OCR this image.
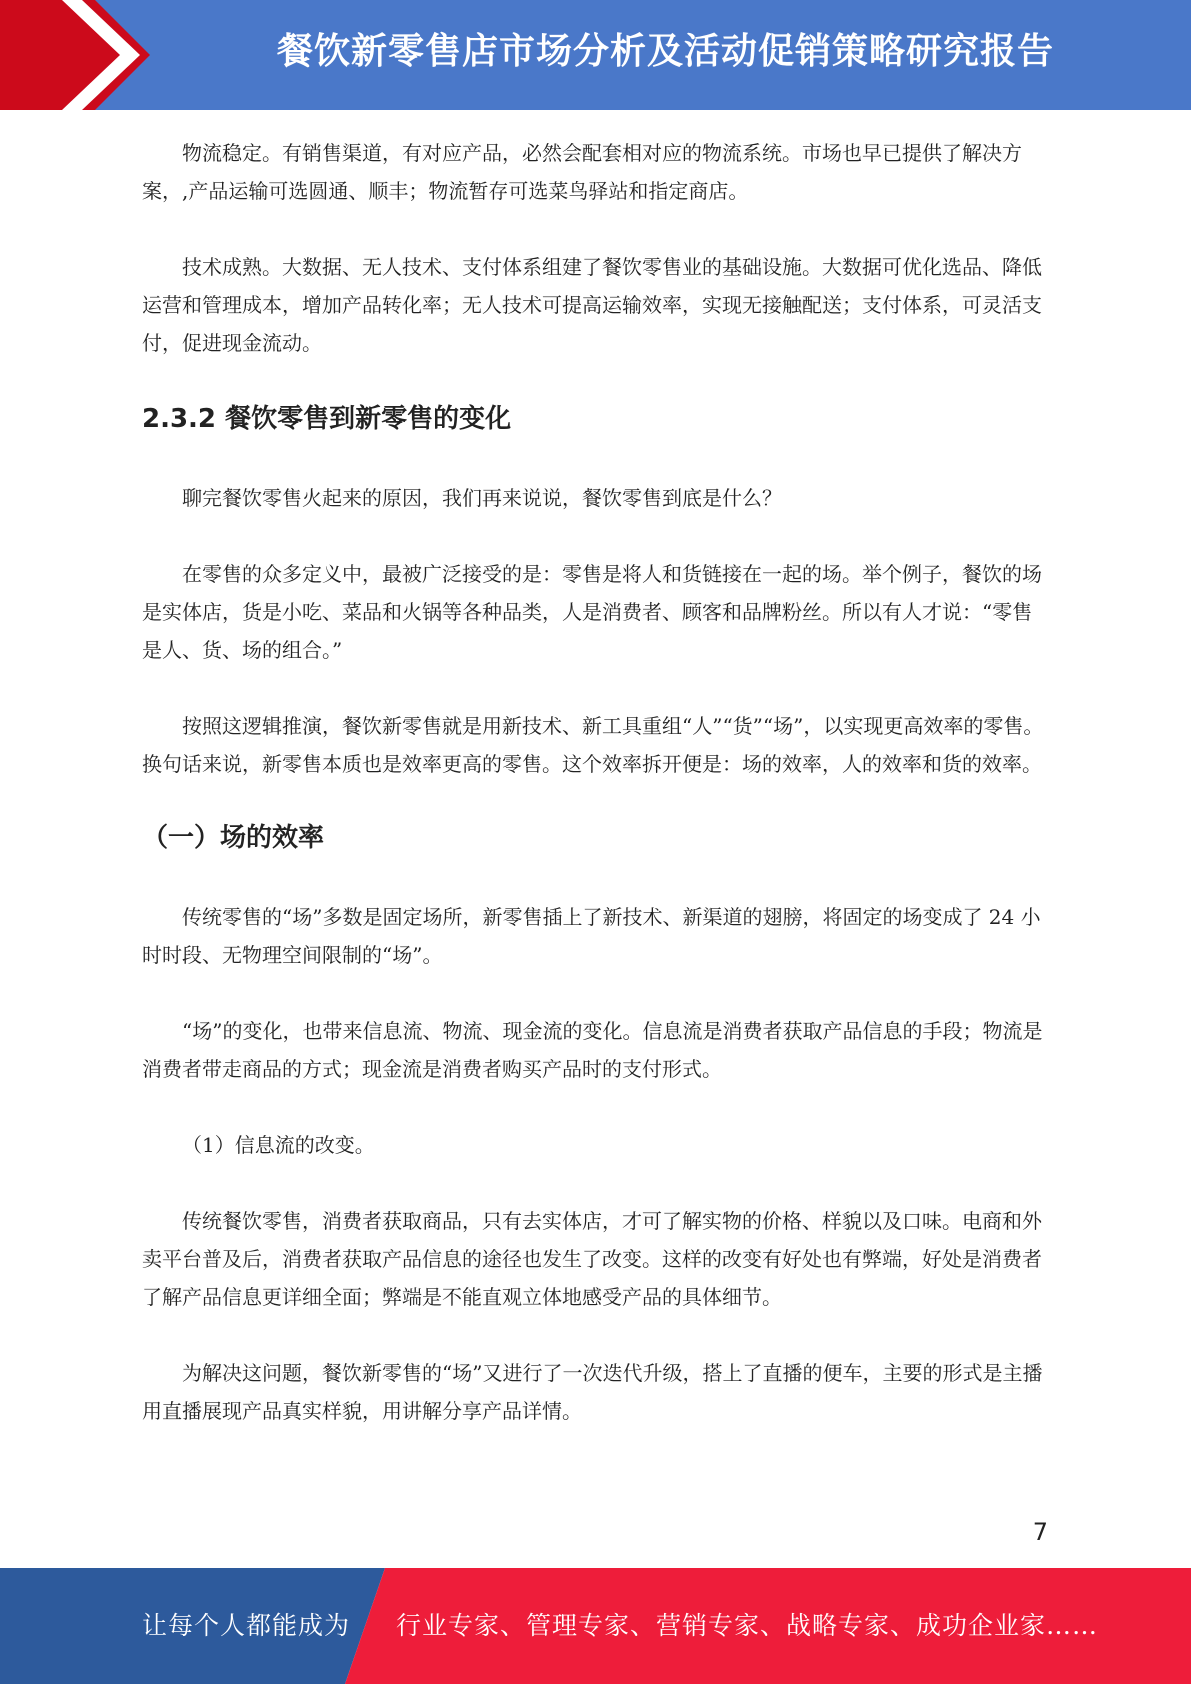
餐饮新零售店市场分析及活动促销策略研究报告

物流稳定。有销售渠道，有对应产品，必然会配套相对应的物流系统。市场也早已提供了解决方案，,产品运输可选圆通、顺丰；物流暂存可选菜鸟驿站和指定商店。

技术成熟。大数据、无人技术、支付体系组建了餐饮零售业的基础设施。大数据可优化选品、降低运营和管理成本，增加产品转化率；无人技术可提高运输效率，实现无接触配送；支付体系，可灵活支付，促进现金流动。

2.3.2 餐饮零售到新零售的变化

聊完餐饮零售火起来的原因，我们再来说说，餐饮零售到底是什么？

在零售的众多定义中，最被广泛接受的是：零售是将人和货链接在一起的场。举个例子，餐饮的场是实体店，货是小吃、菜品和火锅等各种品类，人是消费者、顾客和品牌粉丝。所以有人才说：“零售是人、货、场的组合。”

按照这逻辑推演，餐饮新零售就是用新技术、新工具重组“人”“货”“场”，以实现更高效率的零售。换句话来说，新零售本质也是效率更高的零售。这个效率拆开便是：场的效率，人的效率和货的效率。

（一）场的效率

传统零售的“场”多数是固定场所，新零售插上了新技术、新渠道的翅膀，将固定的场变成了 24 小时时段、无物理空间限制的“场”。

“场”的变化，也带来信息流、物流、现金流的变化。信息流是消费者获取产品信息的手段；物流是消费者带走商品的方式；现金流是消费者购买产品时的支付形式。

（1）信息流的改变。

传统餐饮零售，消费者获取商品，只有去实体店，才可了解实物的价格、样貌以及口味。电商和外卖平台普及后，消费者获取产品信息的途径也发生了改变。这样的改变有好处也有弊端，好处是消费者了解产品信息更详细全面；弊端是不能直观立体地感受产品的具体细节。

为解决这问题，餐饮新零售的“场”又进行了一次迭代升级，搭上了直播的便车，主要的形式是主播用直播展现产品真实样貌，用讲解分享产品详情。

7
让每个人都能成为 行业专家、管理专家、营销专家、战略专家、成功企业家……
